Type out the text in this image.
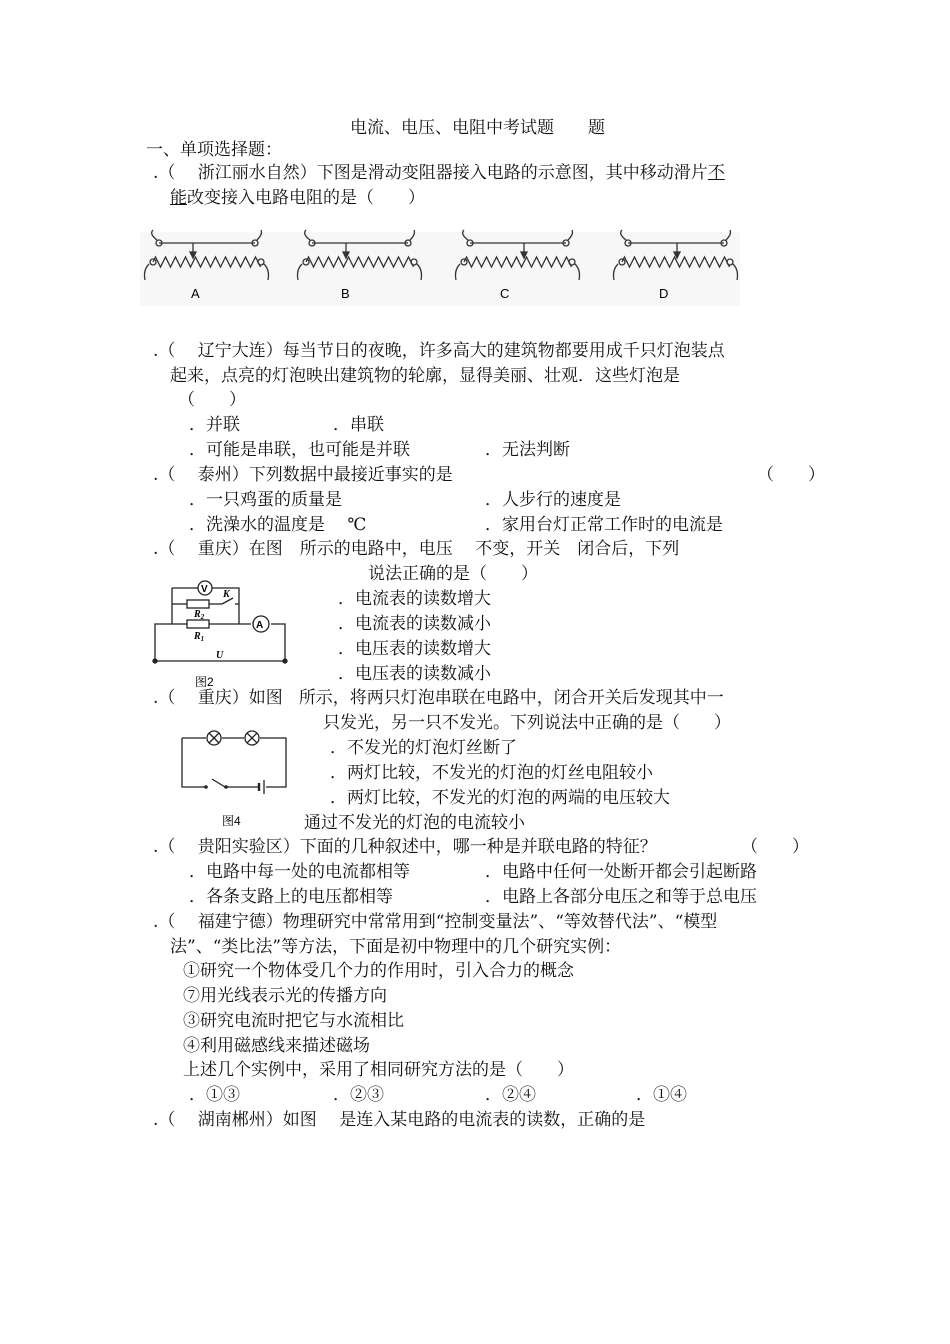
电流、电压、电阻中考试题　　题
一、单项选择题：
.（　 浙江丽水自然）下图是滑动变阻器接入电路的示意图，其中移动滑片不
能改变接入电路电阻的是（　　）
A	B	C	D
.（　 辽宁大连）每当节日的夜晚，许多高大的建筑物都要用成千只灯泡装点
起来，点亮的灯泡映出建筑物的轮廓，显得美丽、壮观．这些灯泡是
（　　）
．并联	．串联
．可能是串联，也可能是并联	．无法判断
.（　 泰州）下列数据中最接近事实的是	（　　）
．一只鸡蛋的质量是	．人步行的速度是
．洗澡水的温度是　 ℃	．家用台灯正常工作时的电流是
.（　 重庆）在图　所示的电路中，电压　 不变，开关　闭合后，下列
说法正确的是（　　）
．电流表的读数增大
．电流表的读数减小
．电压表的读数增大
．电压表的读数减小
V
A
K
$R_2$
$R_1$
U
图2
.（　 重庆）如图 所示，将两只灯泡串联在电路中，闭合开关后发现其中一
只发光，另一只不发光。下列说法中正确的是（　　）
．不发光的灯泡灯丝断了
．两灯比较，不发光的灯泡的灯丝电阻较小
．两灯比较，不发光的灯泡的两端的电压较大
通过不发光的灯泡的电流较小
图4
.（　 贵阳实验区）下面的几种叙述中，哪一种是并联电路的特征？	（　　）
．电路中每一处的电流都相等	．电路中任何一处断开都会引起断路
．各条支路上的电压都相等	．电路上各部分电压之和等于总电压
.（　 福建宁德）物理研究中常常用到“控制变量法”、“等效替代法”、“模型
法”、“类比法”等方法，下面是初中物理中的几个研究实例：
①研究一个物体受几个力的作用时，引入合力的概念
⑦用光线表示光的传播方向
③研究电流时把它与水流相比
④利用磁感线来描述磁场
上述几个实例中，采用了相同研究方法的是（　　）
．①③	．②③	．②④	．①④
.（　 湖南郴州）如图　 是连入某电路的电流表的读数，正确的是
